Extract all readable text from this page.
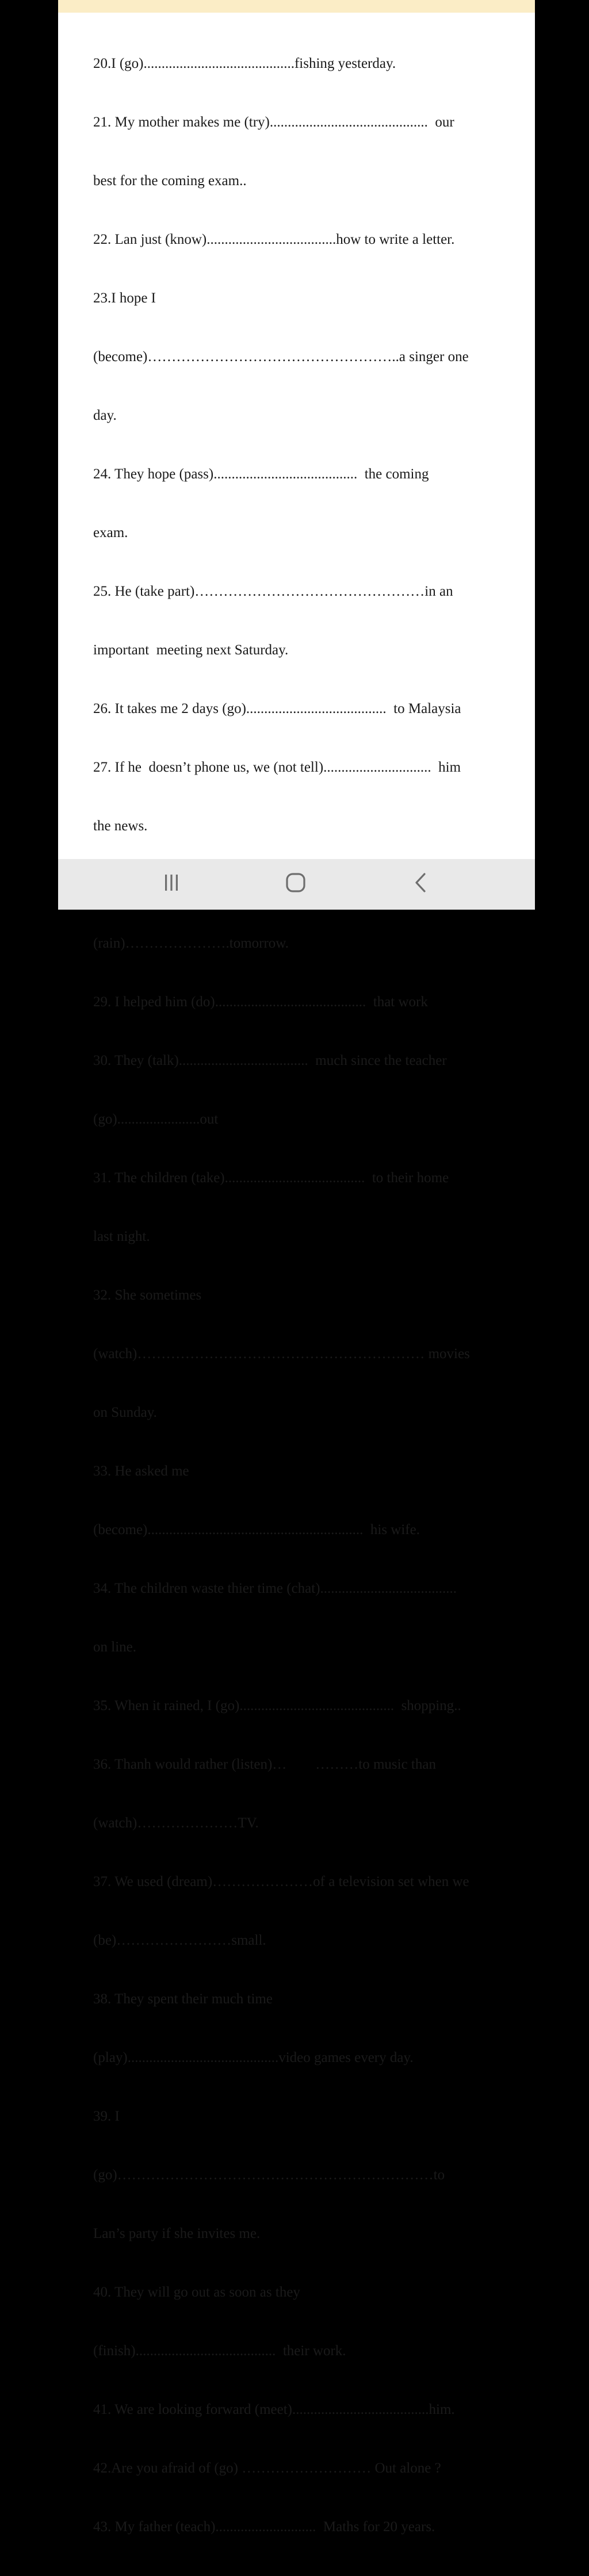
20.I (go)..........................................fishing yesterday.

21. My mother makes me (try)............................................  our

best for the coming exam..

22. Lan just (know)....................................how to write a letter.

23.I hope I

(become)……………………………………………..a singer one

day.

24. They hope (pass)........................................  the coming

exam.

25. He (take part)…………………………………………in an

important  meeting next Saturday.

26. It takes me 2 days (go).......................................  to Malaysia

27. If he  doesn’t phone us, we (not tell)..............................  him

the news.

(rain)………………….tomorrow.

29. I helped him (do)..........................................  that work

30. They (talk)....................................  much since the teacher

(go).......................out

31. The children (take).......................................  to their home

last night.

32. She sometimes

(watch)…………………………………………………… movies

on Sunday.

33. He asked me

(become)............................................................  his wife.

34. The children waste thier time (chat)......................................

on line.

35. When it rained, I (go)...........................................  shopping..

36. Thanh would rather (listen)…        ………to music than

(watch)…………………TV.

37. We used (dream)…………………of a television set when we

(be)……………………small.

38. They spent their much time

(play)..........................................video games every day.

39. I

(go)…………………………………………………………to

Lan’s party if she invites me.

40. They will go out as soon as they

(finish).......................................  their work.

41. We are looking forward (meet)......................................him.

42.Are you afraid of (go) ……………………… Out alone ?

43. My father (teach)............................  Maths for 20 years.
